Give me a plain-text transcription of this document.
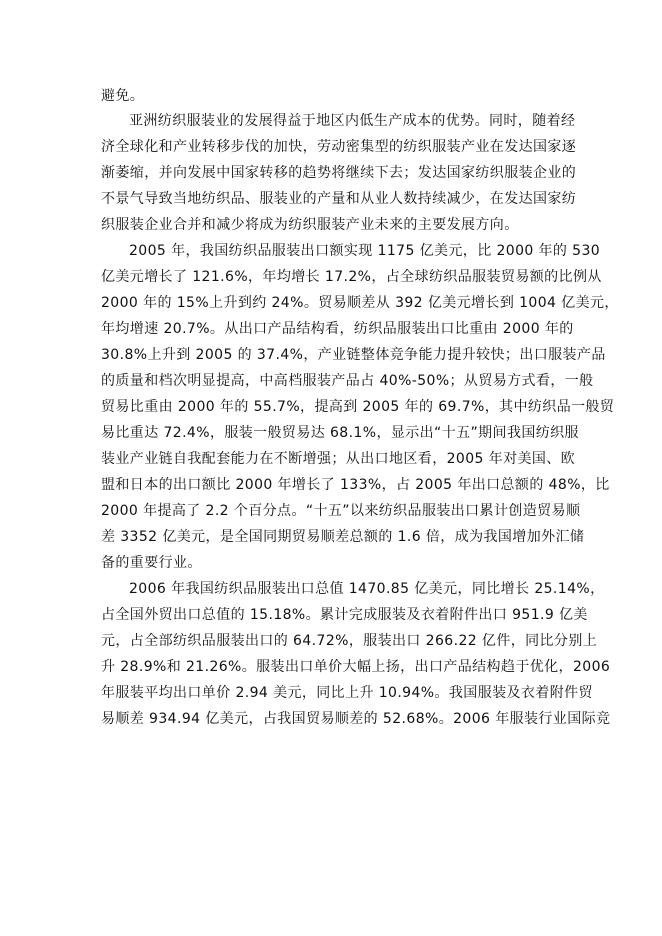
避免。
亚洲纺织服装业的发展得益于地区内低生产成本的优势。同时，随着经
济全球化和产业转移步伐的加快，劳动密集型的纺织服装产业在发达国家逐
渐萎缩，并向发展中国家转移的趋势将继续下去；发达国家纺织服装企业的
不景气导致当地纺织品、服装业的产量和从业人数持续减少，在发达国家纺
织服装企业合并和减少将成为纺织服装产业未来的主要发展方向。
2005 年，我国纺织品服装出口额实现 1175 亿美元，比 2000 年的 530
亿美元增长了 121.6%，年均增长 17.2%，占全球纺织品服装贸易额的比例从
2000 年的 15%上升到约 24%。贸易顺差从 392 亿美元增长到 1004 亿美元，
年均增速 20.7%。从出口产品结构看，纺织品服装出口比重由 2000 年的
30.8%上升到 2005 的 37.4%，产业链整体竞争能力提升较快；出口服装产品
的质量和档次明显提高，中高档服装产品占 40%-50%；从贸易方式看，一般
贸易比重由 2000 年的 55.7%，提高到 2005 年的 69.7%，其中纺织品一般贸
易比重达 72.4%，服装一般贸易达 68.1%，显示出“十五”期间我国纺织服
装业产业链自我配套能力在不断增强；从出口地区看，2005 年对美国、欧
盟和日本的出口额比 2000 年增长了 133%，占 2005 年出口总额的 48%，比
2000 年提高了 2.2 个百分点。“十五”以来纺织品服装出口累计创造贸易顺
差 3352 亿美元，是全国同期贸易顺差总额的 1.6 倍，成为我国增加外汇储
备的重要行业。
2006 年我国纺织品服装出口总值 1470.85 亿美元，同比增长 25.14%，
占全国外贸出口总值的 15.18%。累计完成服装及衣着附件出口 951.9 亿美
元，占全部纺织品服装出口的 64.72%，服装出口 266.22 亿件，同比分别上
升 28.9%和 21.26%。服装出口单价大幅上扬，出口产品结构趋于优化，2006
年服装平均出口单价 2.94 美元，同比上升 10.94%。我国服装及衣着附件贸
易顺差 934.94 亿美元，占我国贸易顺差的 52.68%。2006 年服装行业国际竞
